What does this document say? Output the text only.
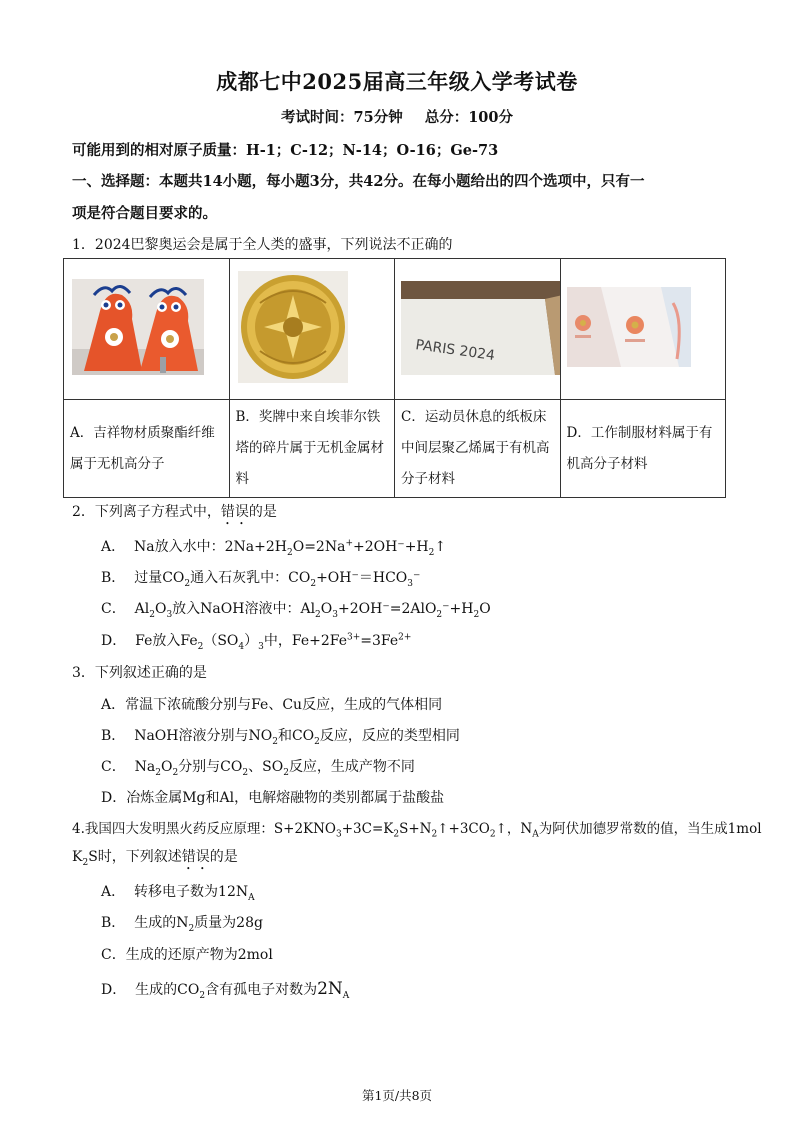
成都七中2025届高三年级入学考试卷
考试时间：75分钟 总分：100分
可能用到的相对原子质量：H-1；C-12；N-14；O-16；Ge-73
一、选择题：本题共14小题，每小题3分，共42分。在每小题给出的四个选项中，只有一
项是符合题目要求的。
1．2024巴黎奥运会是属于全人类的盛事，下列说法不正确的

PARIS 2024

A．吉祥物材质聚酯纤维属于无机高分子	B．奖牌中来自埃菲尔铁塔的碎片属于无机金属材料	C．运动员休息的纸板床中间层聚乙烯属于有机高分子材料	D．工作制服材料属于有机高分子材料
2．下列离子方程式中，错误的是
A． Na放入水中：$2Na+2H_2O=2Na^++2OH^-+H_2↑$
B． 过量$CO_2$通入石灰乳中：$CO_2+OH^-=HCO_3^-$
C． $Al_2O_3$放入NaOH溶液中：$Al_2O_3+2OH^-=2AlO_2^-+H_2O$
D． Fe放入$Fe_2(SO_4)_3$中，$Fe+2Fe^{3+}=3Fe^{2+}$
3．下列叙述正确的是
A．常温下浓硫酸分别与Fe、Cu反应，生成的气体相同
B． NaOH溶液分别与$NO_2$和$CO_2$反应，反应的类型相同
C． $Na_2O_2$分别与$CO_2$、$SO_2$反应，生成产物不同
D．冶炼金属Mg和Al，电解熔融物的类别都属于盐酸盐
4.我国四大发明黑火药反应原理：$S+2KNO_3+3C=K_2S+N_2↑+3CO_2↑$，$N_A$为阿伏加德罗常数的值，当生成1mol
$K_2S$时，下列叙述错误的是
A． 转移电子数为$12N_A$
B． 生成的$N_2$质量为28g
C．生成的还原产物为2mol
D． 生成的$CO_2$含有孤电子对数为$2N_A$
第1页/共8页
